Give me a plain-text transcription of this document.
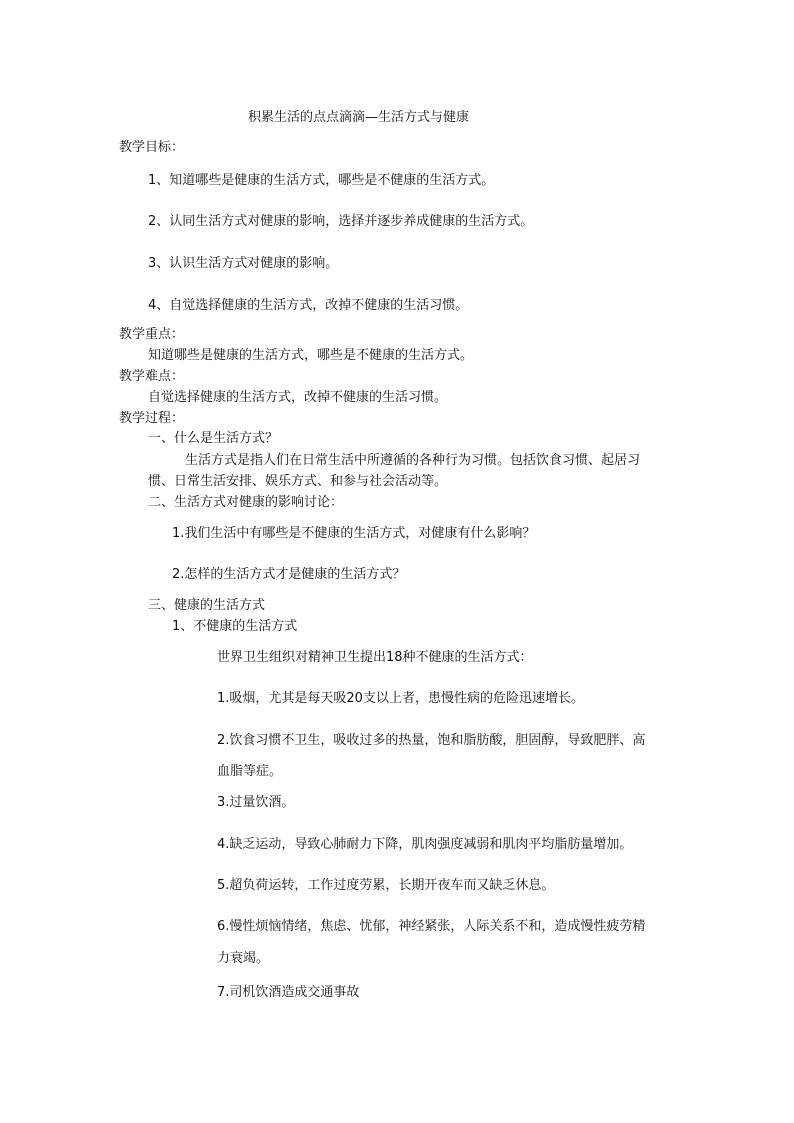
积累生活的点点滴滴—生活方式与健康
教学目标：
1、知道哪些是健康的生活方式，哪些是不健康的生活方式。
2、认同生活方式对健康的影响，选择并逐步养成健康的生活方式。
3、认识生活方式对健康的影响。
4、自觉选择健康的生活方式，改掉不健康的生活习惯。
教学重点：
知道哪些是健康的生活方式，哪些是不健康的生活方式。
教学难点：
自觉选择健康的生活方式，改掉不健康的生活习惯。
教学过程：
一、什么是生活方式？
生活方式是指人们在日常生活中所遵循的各种行为习惯。包括饮食习惯、起居习
惯、日常生活安排、娱乐方式、和参与社会活动等。
二、生活方式对健康的影响讨论：
1.我们生活中有哪些是不健康的生活方式，对健康有什么影响？
2.怎样的生活方式才是健康的生活方式？
三、健康的生活方式
1、不健康的生活方式
世界卫生组织对精神卫生提出18种不健康的生活方式：
1.吸烟，尤其是每天吸20支以上者，患慢性病的危险迅速增长。
2.饮食习惯不卫生，吸收过多的热量，饱和脂肪酸，胆固醇，导致肥胖、高
血脂等症。
3.过量饮酒。
4.缺乏运动，导致心肺耐力下降，肌肉强度减弱和肌肉平均脂肪量增加。
5.超负荷运转，工作过度劳累，长期开夜车而又缺乏休息。
6.慢性烦恼情绪，焦虑、忧郁，神经紧张，人际关系不和，造成慢性疲劳精
力衰竭。
7.司机饮酒造成交通事故
